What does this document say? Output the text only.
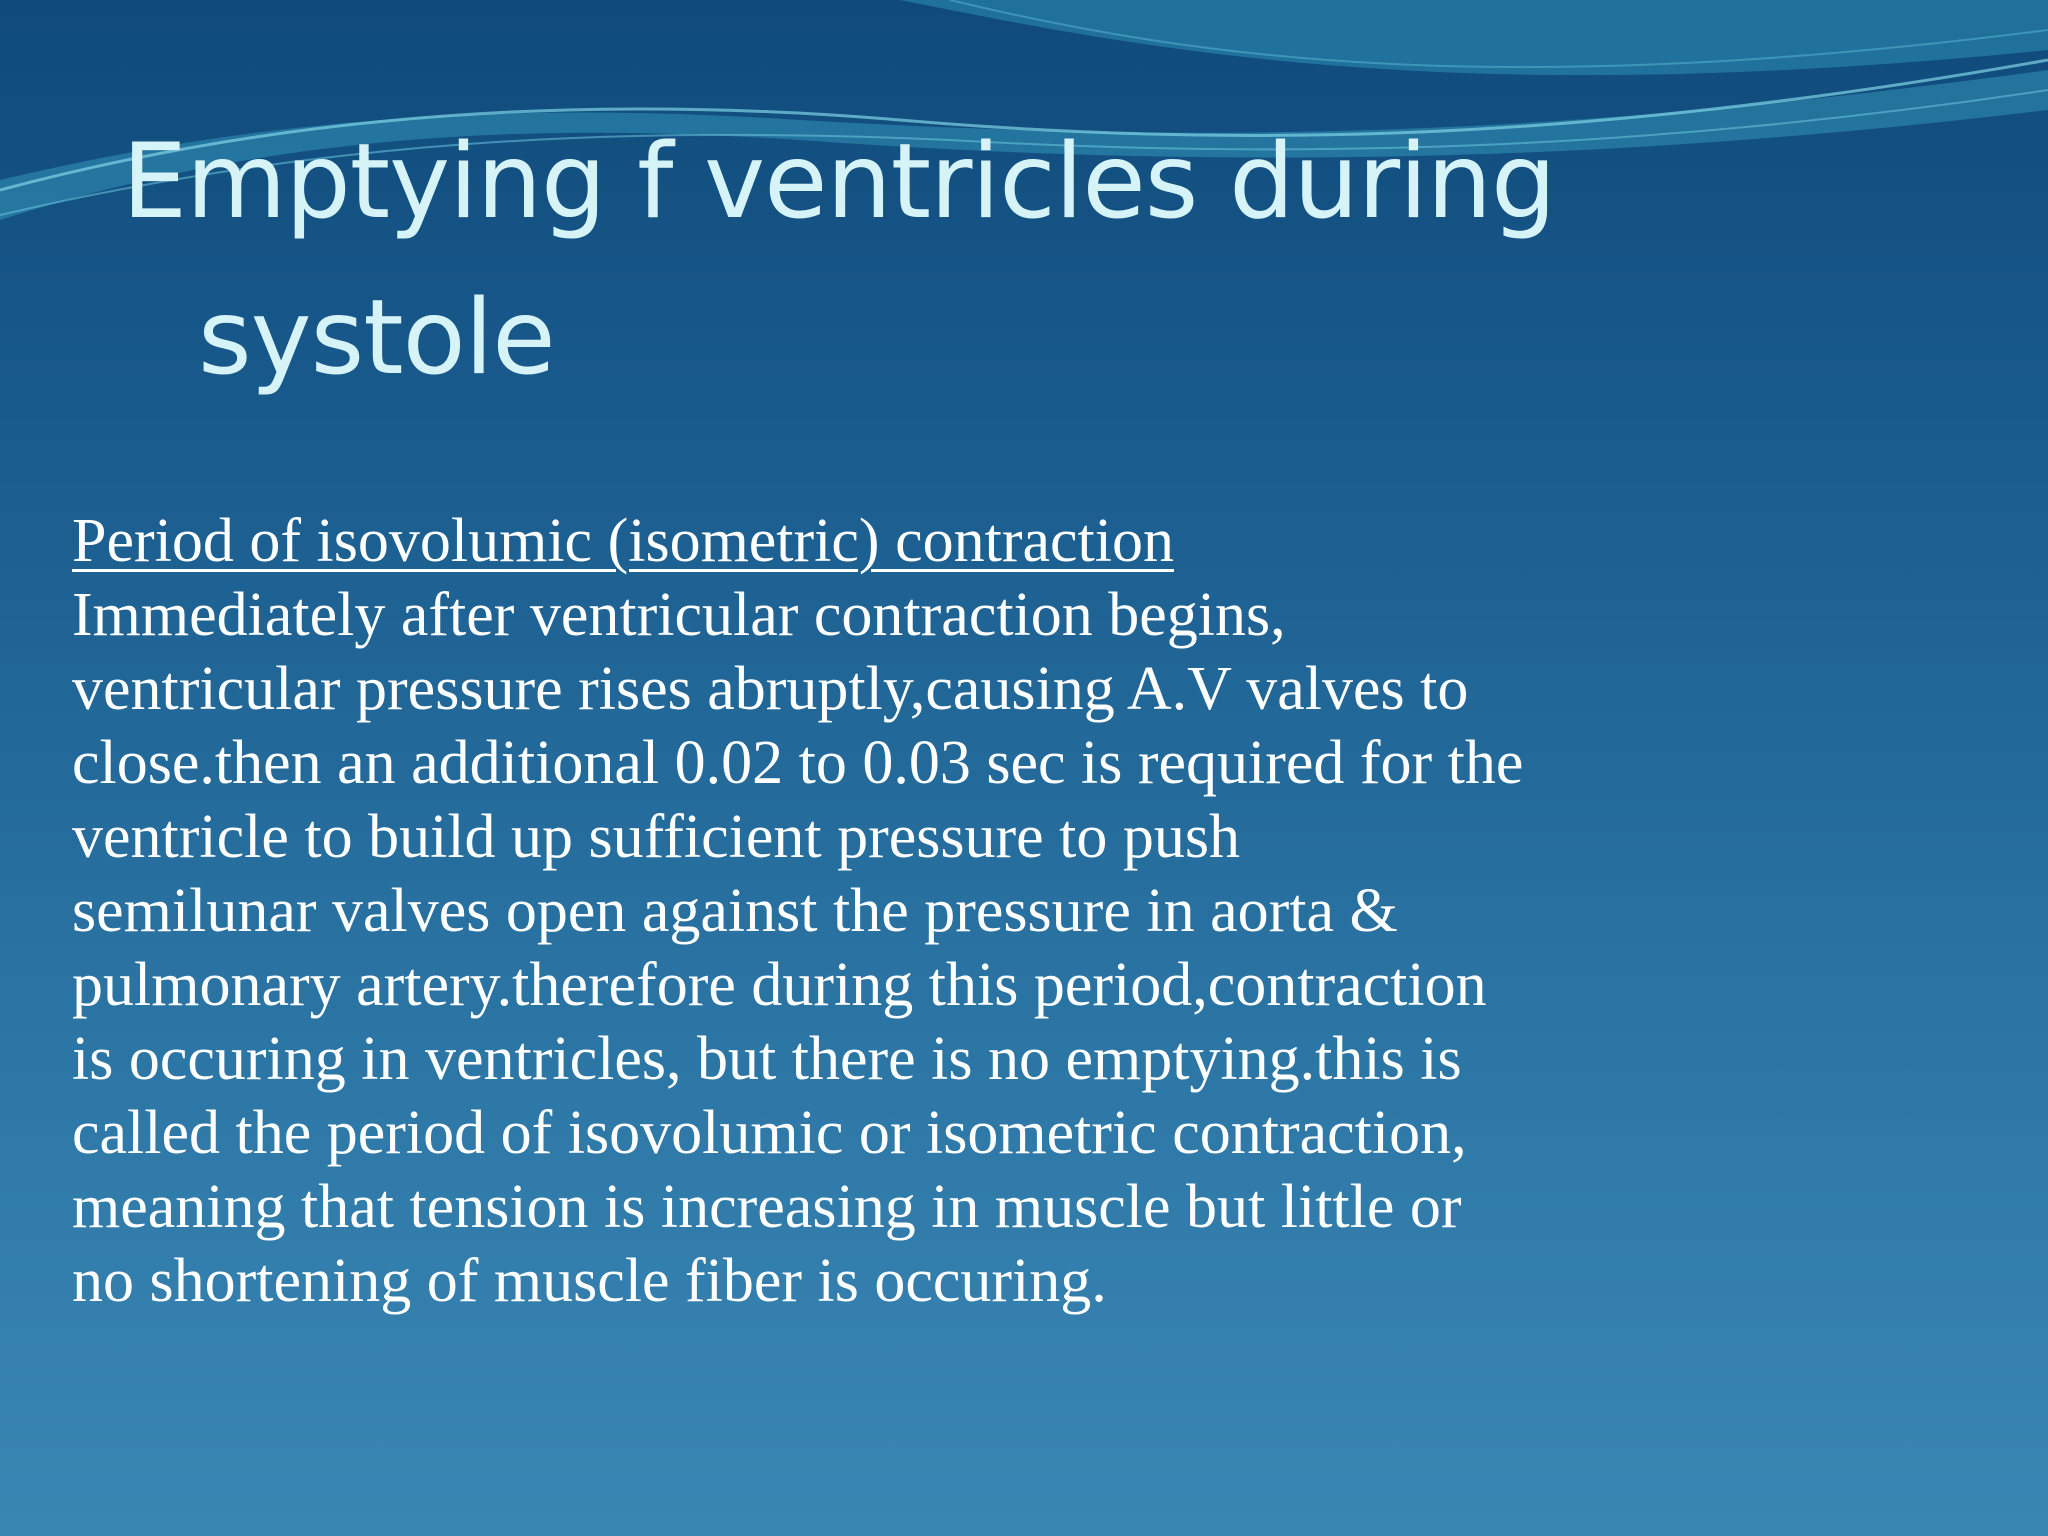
Emptying f ventricles during
systole

Period of isovolumic (isometric) contraction

Immediately after ventricular contraction begins,
ventricular pressure rises abruptly,causing A.V valves to
close.then an additional 0.02 to 0.03 sec is required for the
ventricle to build up sufficient pressure to push
semilunar valves open against the pressure in aorta &
pulmonary artery.therefore during this period,contraction
is occuring in ventricles, but there is no emptying.this is
called the period of isovolumic or isometric contraction,
meaning that tension is increasing in muscle but little or
no shortening of muscle fiber is occuring.
